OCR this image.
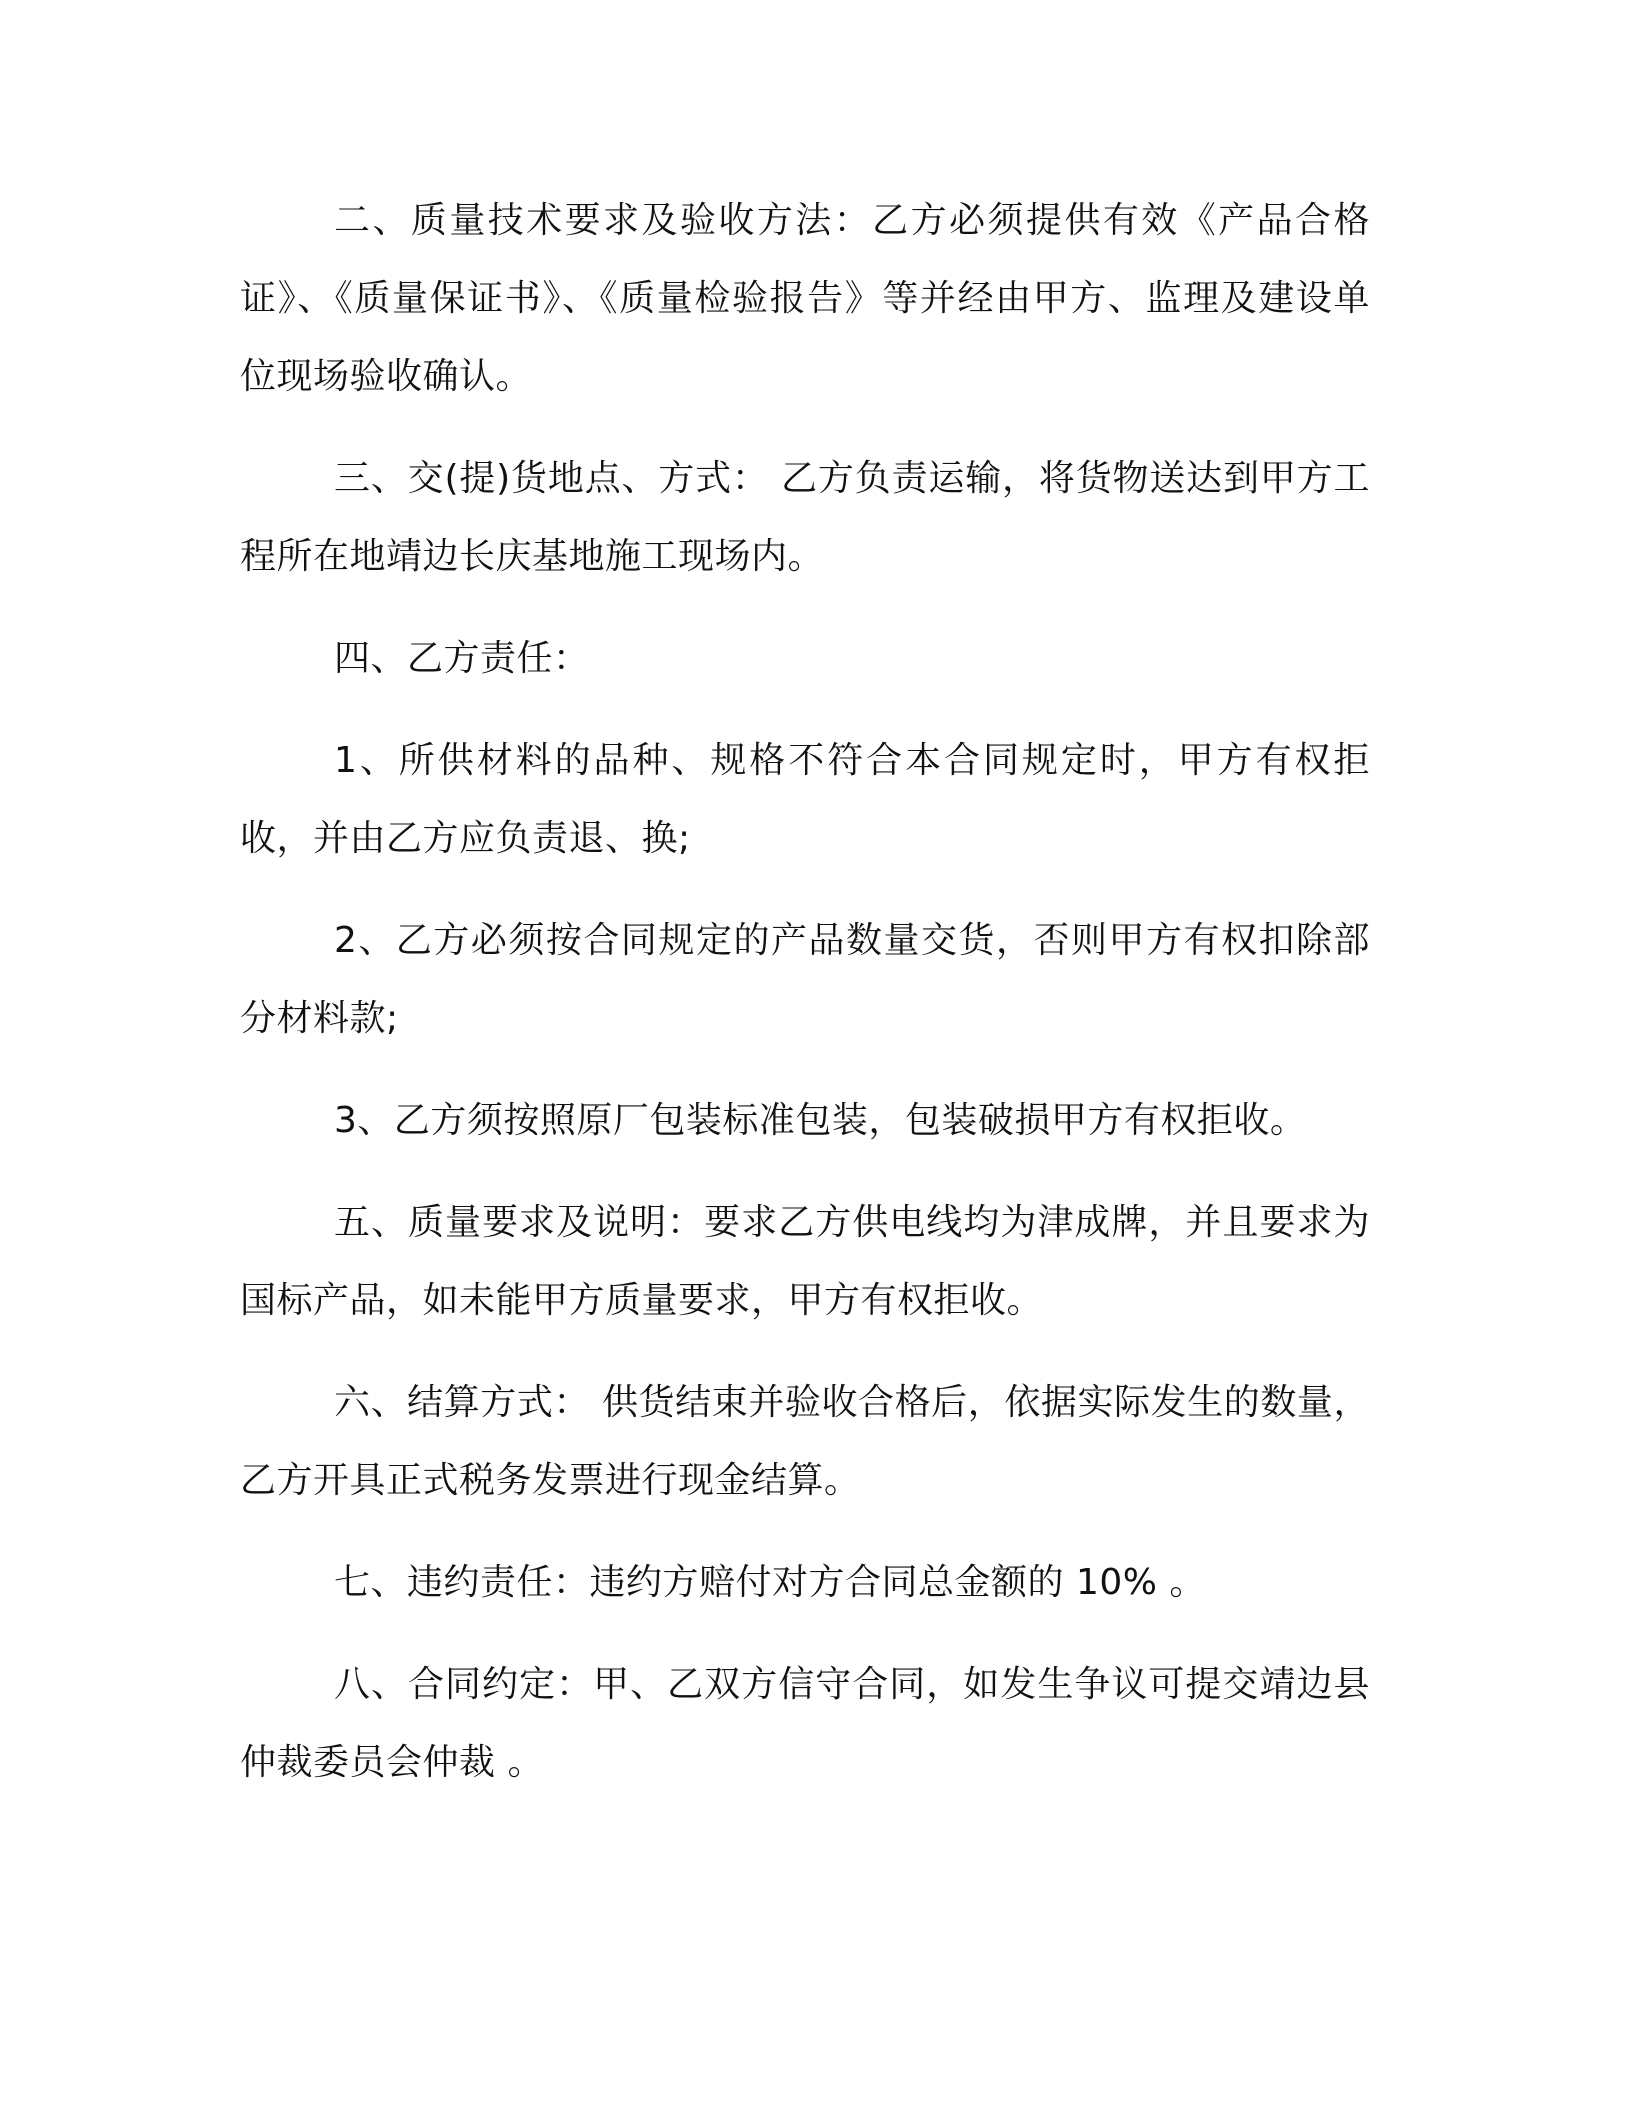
二、质量技术要求及验收方法：乙方必须提供有效《产品合格证》、《质量保证书》、《质量检验报告》等并经由甲方、监理及建设单位现场验收确认。

三、交(提)货地点、方式： 乙方负责运输，将货物送达到甲方工程所在地靖边长庆基地施工现场内。

四、乙方责任：

1、所供材料的品种、规格不符合本合同规定时，甲方有权拒收，并由乙方应负责退、换;

2、乙方必须按合同规定的产品数量交货，否则甲方有权扣除部分材料款;

3、乙方须按照原厂包装标准包装，包装破损甲方有权拒收。

五、质量要求及说明：要求乙方供电线均为津成牌，并且要求为国标产品，如未能甲方质量要求，甲方有权拒收。

六、结算方式： 供货结束并验收合格后，依据实际发生的数量，乙方开具正式税务发票进行现金结算。

七、违约责任：违约方赔付对方合同总金额的 10% 。

八、合同约定：甲、乙双方信守合同，如发生争议可提交靖边县仲裁委员会仲裁 。
